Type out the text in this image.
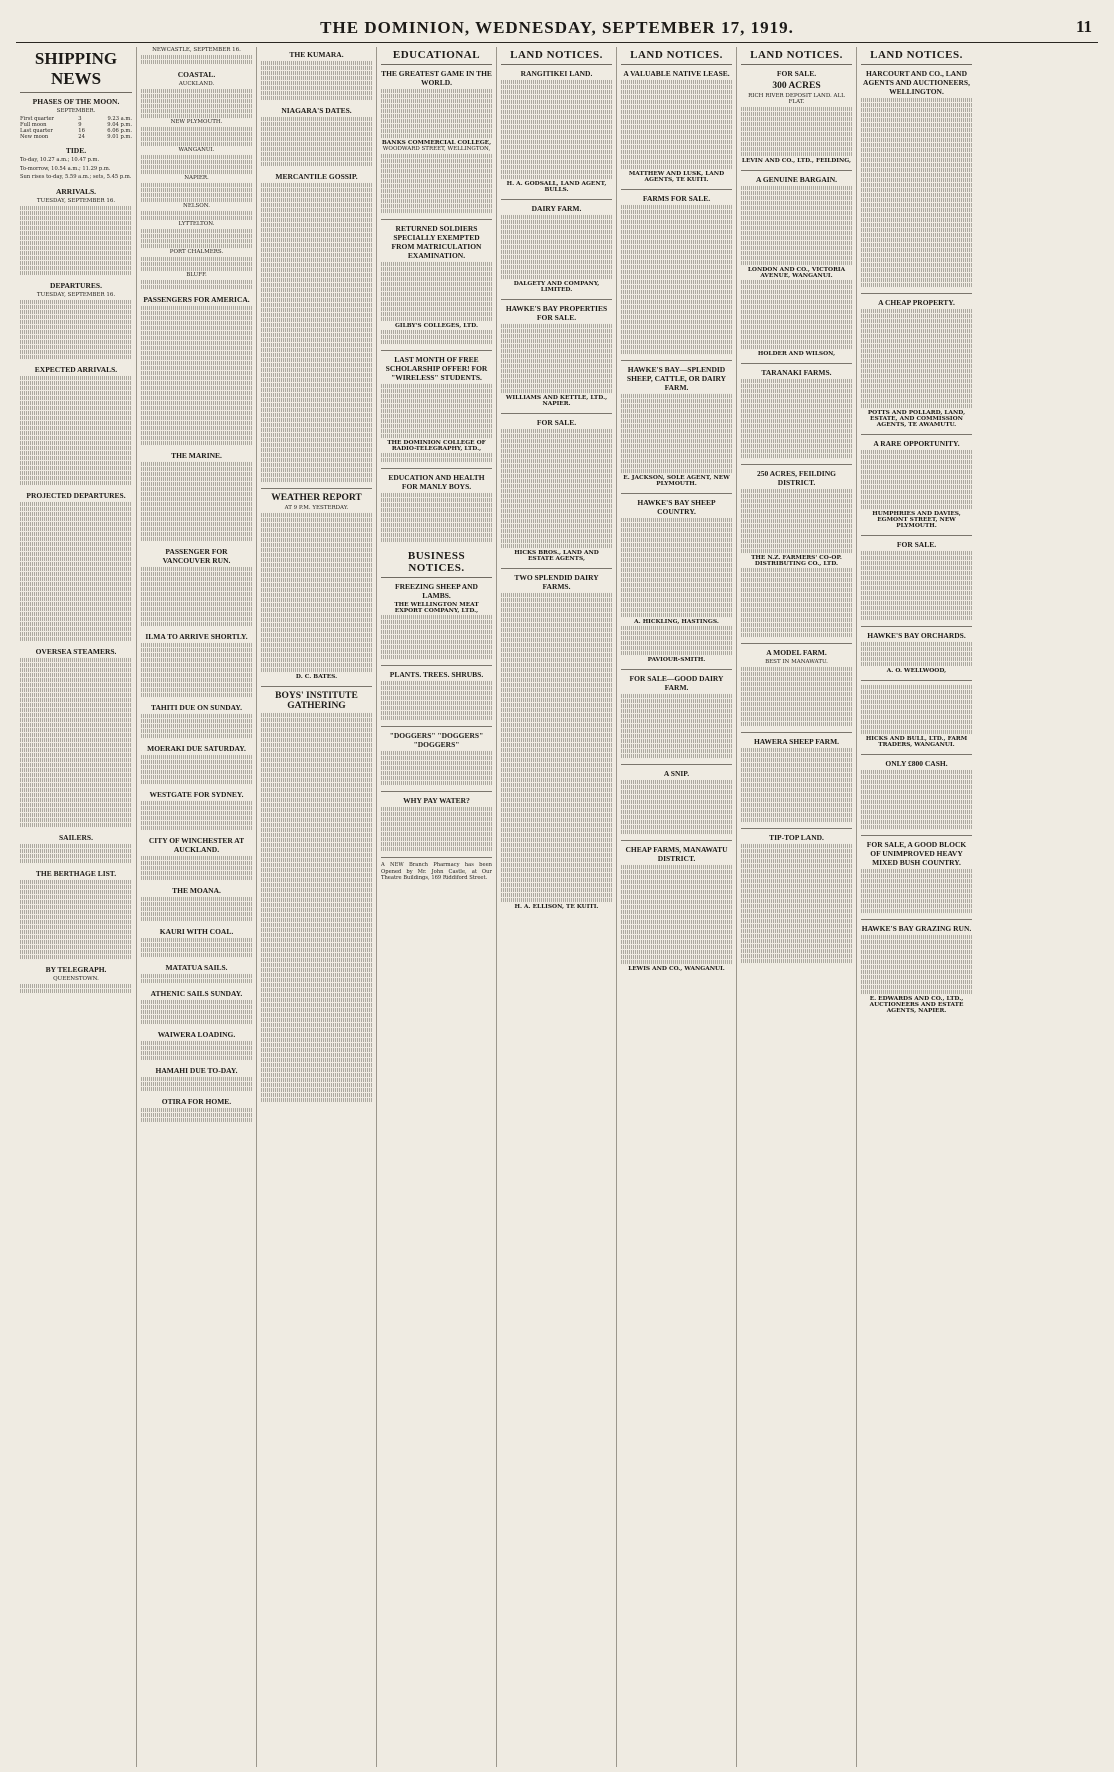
THE DOMINION, WEDNESDAY, SEPTEMBER 17, 1919.	11
SHIPPING NEWS
PHASES OF THE MOON.
SEPTEMBER.
First quarter	3	9.23 a.m.
Full moon	9	9.04 p.m.
Last quarter	16	6.06 p.m.
New moon	24	9.01 p.m.
TIDE.

To-day, 10.27 a.m.; 10.47 p.m.

To-morrow, 10.54 a.m.; 11.29 p.m.

Sun rises to-day, 5.59 a.m.; sets, 5.45 p.m.

ARRIVALS.
TUESDAY, SEPTEMBER 16.
DEPARTURES.
TUESDAY, SEPTEMBER 16.
EXPECTED ARRIVALS.
PROJECTED DEPARTURES.
OVERSEA STEAMERS.
SAILERS.
THE BERTHAGE LIST.
BY TELEGRAPH.
QUEENSTOWN.
NEWCASTLE, SEPTEMBER 16.
COASTAL.
AUCKLAND.
NEW PLYMOUTH.
WANGANUI.
NAPIER.
NELSON.
LYTTELTON.
PORT CHALMERS.
BLUFF.
PASSENGERS FOR AMERICA.
THE MARINE.
PASSENGER FOR VANCOUVER RUN.
ILMA TO ARRIVE SHORTLY.
TAHITI DUE ON SUNDAY.
MOERAKI DUE SATURDAY.
WESTGATE FOR SYDNEY.
CITY OF WINCHESTER AT AUCKLAND.
THE MOANA.
KAURI WITH COAL.
MATATUA SAILS.
ATHENIC SAILS SUNDAY.
WAIWERA LOADING.
HAMAHI DUE TO-DAY.
OTIRA FOR HOME.
THE KUMARA.
NIAGARA'S DATES.
MERCANTILE GOSSIP.
WEATHER REPORT
AT 9 P.M. YESTERDAY.
D. C. BATES.
BOYS' INSTITUTE GATHERING
EDUCATIONAL
THE GREATEST GAME IN THE WORLD.
BANKS COMMERCIAL COLLEGE,
WOODWARD STREET, WELLINGTON,
RETURNED SOLDIERS SPECIALLY EXEMPTED FROM MATRICULATION EXAMINATION.
GILBY'S COLLEGES, LTD.
LAST MONTH OF FREE SCHOLARSHIP OFFER! FOR "WIRELESS" STUDENTS.
THE DOMINION COLLEGE OF RADIO-TELEGRAPHY, LTD.,
EDUCATION AND HEALTH FOR MANLY BOYS.
BUSINESS NOTICES.
FREEZING SHEEP AND LAMBS.
THE WELLINGTON MEAT EXPORT COMPANY, LTD.,
PLANTS. TREES. SHRUBS.
"DOGGERS" "DOGGERS" "DOGGERS"
WHY PAY WATER?

A NEW Branch Pharmacy has been Opened by Mr. John Castle, at Our Theatre Buildings, 169 Riddiford Street.

LAND NOTICES.
RANGITIKEI LAND.
H. A. GODSALL, LAND AGENT, BULLS.
DAIRY FARM.
DALGETY AND COMPANY, LIMITED.
HAWKE'S BAY PROPERTIES FOR SALE.
WILLIAMS AND KETTLE, LTD., NAPIER.
FOR SALE.
HICKS BROS., LAND AND ESTATE AGENTS,
TWO SPLENDID DAIRY FARMS.
H. A. ELLISON, TE KUITI.
LAND NOTICES.
A VALUABLE NATIVE LEASE.
MATTHEW AND LUSK, LAND AGENTS, TE KUITI.
FARMS FOR SALE.
HAWKE'S BAY—SPLENDID SHEEP, CATTLE, OR DAIRY FARM.
E. JACKSON, SOLE AGENT, NEW PLYMOUTH.
HAWKE'S BAY SHEEP COUNTRY.
A. HICKLING, HASTINGS.
PAVIOUR-SMITH.
FOR SALE—GOOD DAIRY FARM.
A SNIP.
CHEAP FARMS, MANAWATU DISTRICT.
LEWIS AND CO., WANGANUI.
LAND NOTICES.
FOR SALE.
300 ACRES
RICH RIVER DEPOSIT LAND. ALL FLAT.
LEVIN AND CO., LTD., FEILDING,
A GENUINE BARGAIN.
LONDON AND CO., VICTORIA AVENUE, WANGANUI.
HOLDER AND WILSON,
TARANAKI FARMS.
250 ACRES, FEILDING DISTRICT.
THE N.Z. FARMERS' CO-OP. DISTRIBUTING CO., LTD.
A MODEL FARM.
BEST IN MANAWATU.
HAWERA SHEEP FARM.
TIP-TOP LAND.
LAND NOTICES.
HARCOURT AND CO., LAND AGENTS AND AUCTIONEERS, WELLINGTON.
A CHEAP PROPERTY.
POTTS AND POLLARD, LAND, ESTATE, AND COMMISSION AGENTS, TE AWAMUTU.
A RARE OPPORTUNITY.
HUMPHRIES AND DAVIES, EGMONT STREET, NEW PLYMOUTH.
FOR SALE.
HAWKE'S BAY ORCHARDS.
A. O. WELLWOOD,
HICKS AND BULL, LTD., FARM TRADERS, WANGANUI.
ONLY £800 CASH.
FOR SALE, A GOOD BLOCK OF UNIMPROVED HEAVY MIXED BUSH COUNTRY.
HAWKE'S BAY GRAZING RUN.
E. EDWARDS AND CO., LTD., AUCTIONEERS AND ESTATE AGENTS, NAPIER.
